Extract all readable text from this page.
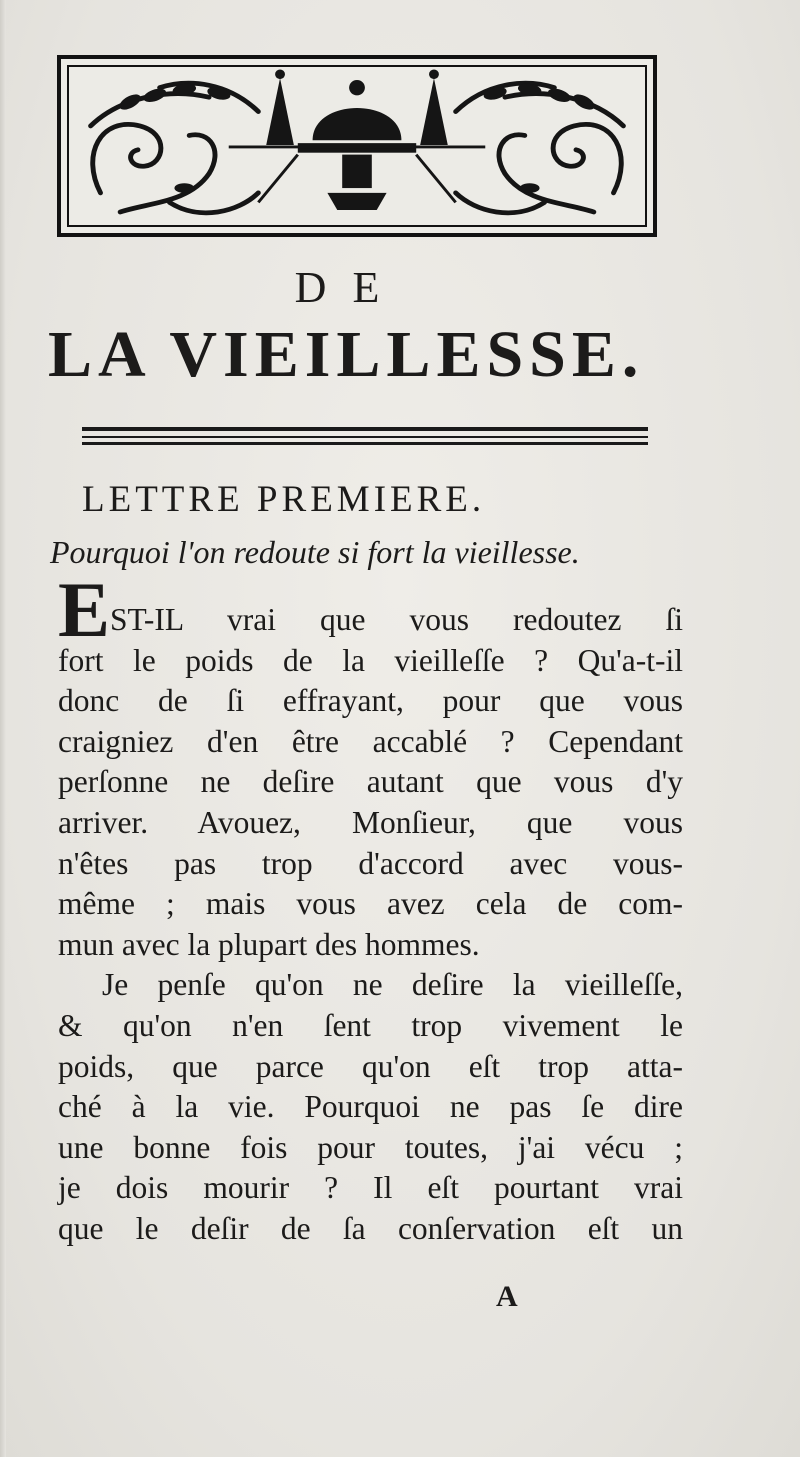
DE
LA VIEILLESSE.
LETTRE PREMIERE.
Pourquoi l'on redoute si fort la vieillesse.
EST-IL vrai que vous redoutez ſi
fort le poids de la vieilleſſe ? Qu'a-t-il
donc de ſi effrayant, pour que vous
craigniez d'en être accablé ? Cependant
perſonne ne deſire autant que vous d'y
arriver. Avouez, Monſieur, que vous
n'êtes pas trop d'accord avec vous-
même ; mais vous avez cela de com-
mun avec la plupart des hommes.
Je penſe qu'on ne deſire la vieilleſſe,
& qu'on n'en ſent trop vivement le
poids, que parce qu'on eſt trop atta-
ché à la vie. Pourquoi ne pas ſe dire
une bonne fois pour toutes, j'ai vécu ;
je dois mourir ? Il eſt pourtant vrai
que le deſir de ſa conſervation eſt un
A
